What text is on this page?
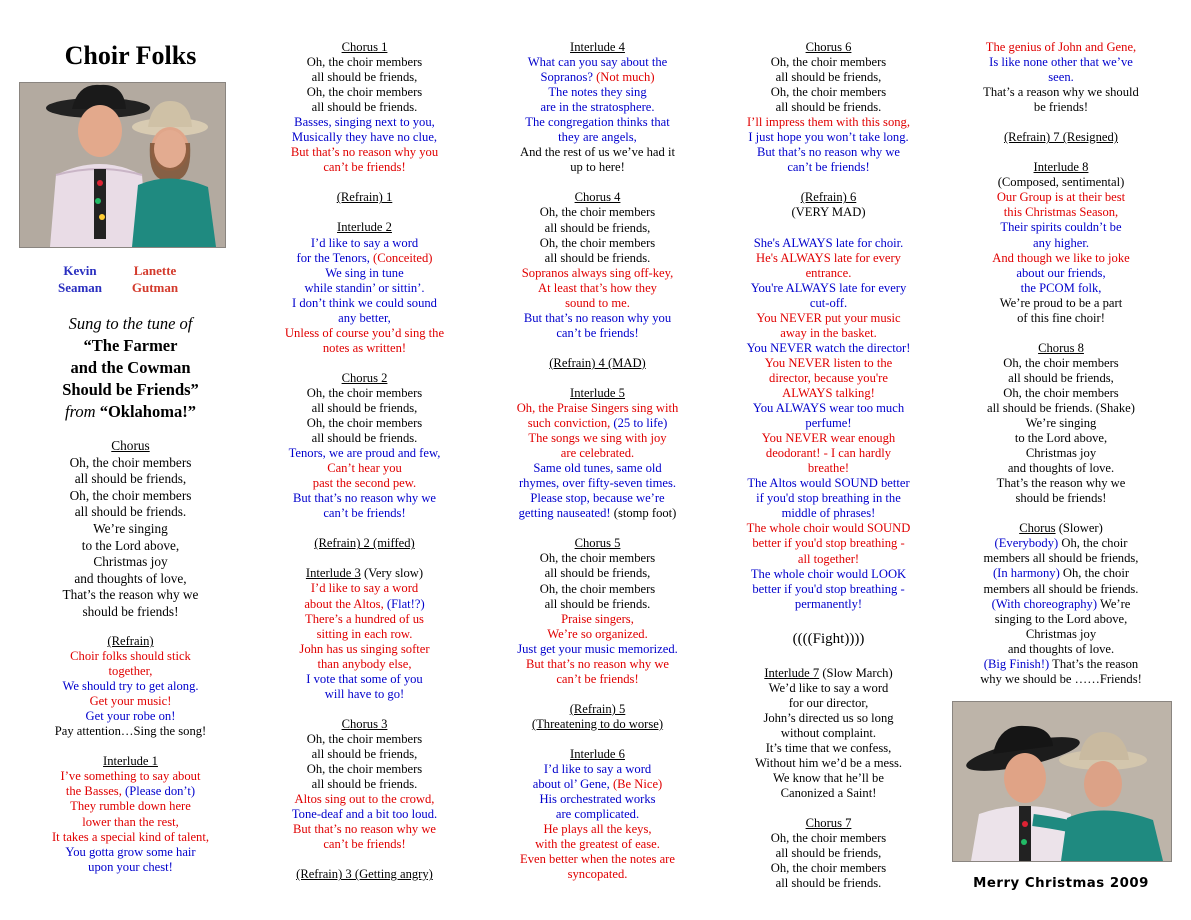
Choir Folks
Kevin
Seaman
Lanette
Gutman
Sung to the tune of
“The Farmer
and the Cowman
Should be Friends”
from “Oklahoma!”
Chorus
Oh, the choir members
all should be friends,
Oh, the choir members
all should be friends.
We’re singing
to the Lord above,
Christmas joy
and thoughts of love,
That’s the reason why we
should be friends!
(Refrain)
Choir folks should stick
together,
We should try to get along.
Get your music!
Get your robe on!
Pay attention…Sing the song!
Interlude 1
I’ve something to say about
the Basses, (Please don’t)
They rumble down here
lower than the rest,
It takes a special kind of talent,
You gotta grow some hair
upon your chest!
Chorus 1
Oh, the choir members
all should be friends,
Oh, the choir members
all should be friends.
Basses, singing next to you,
Musically they have no clue,
But that’s no reason why you
can’t be friends!
(Refrain) 1
Interlude 2
I’d like to say a word
for the Tenors, (Conceited)
We sing in tune
while standin’ or sittin’.
I don’t think we could sound
any better,
Unless of course you’d sing the
notes as written!
Chorus 2
Oh, the choir members
all should be friends,
Oh, the choir members
all should be friends.
Tenors, we are proud and few,
Can’t hear you
past the second pew.
But that’s no reason why we
can’t be friends!
(Refrain) 2 (miffed)
Interlude 3 (Very slow)
I’d like to say a word
about the Altos, (Flat!?)
There’s a hundred of us
sitting in each row.
John has us singing softer
than anybody else,
I vote that some of you
will have to go!
Chorus 3
Oh, the choir members
all should be friends,
Oh, the choir members
all should be friends.
Altos sing out to the crowd,
Tone-deaf and a bit too loud.
But that’s no reason why we
can’t be friends!
(Refrain) 3 (Getting angry)
Interlude 4
What can you say about the
Sopranos? (Not much)
The notes they sing
are in the stratosphere.
The congregation thinks that
they are angels,
And the rest of us we’ve had it
up to here!
Chorus 4
Oh, the choir members
all should be friends,
Oh, the choir members
all should be friends.
Sopranos always sing off-key,
At least that’s how they
sound to me.
But that’s no reason why you
can’t be friends!
(Refrain) 4 (MAD)
Interlude 5
Oh, the Praise Singers sing with
such conviction, (25 to life)
The songs we sing with joy
are celebrated.
Same old tunes, same old
rhymes, over fifty-seven times.
Please stop, because we’re
getting nauseated! (stomp foot)
Chorus 5
Oh, the choir members
all should be friends,
Oh, the choir members
all should be friends.
Praise singers,
We’re so organized.
Just get your music memorized.
But that’s no reason why we
can’t be friends!
(Refrain) 5
(Threatening to do worse)
Interlude 6
I’d like to say a word
about ol’ Gene, (Be Nice)
His orchestrated works
are complicated.
He plays all the keys,
with the greatest of ease.
Even better when the notes are
syncopated.
Chorus 6
Oh, the choir members
all should be friends,
Oh, the choir members
all should be friends.
I’ll impress them with this song,
I just hope you won’t take long.
But that’s no reason why we
can’t be friends!
(Refrain) 6
(VERY MAD)
She's ALWAYS late for choir.
He's ALWAYS late for every
entrance.
You're ALWAYS late for every
cut-off.
You NEVER put your music
away in the basket.
You NEVER watch the director!
You NEVER listen to the
director, because you're
ALWAYS talking!
You ALWAYS wear too much
perfume!
You NEVER wear enough
deodorant! - I can hardly
breathe!
The Altos would SOUND better
if you'd stop breathing in the
middle of phrases!
The whole choir would SOUND
better if you'd stop breathing -
all together!
The whole choir would LOOK
better if you'd stop breathing -
permanently!
((((Fight))))
Interlude 7 (Slow March)
We’d like to say a word
for our director,
John’s directed us so long
without complaint.
It’s time that we confess,
Without him we’d be a mess.
We know that he’ll be
Canonized a Saint!
Chorus 7
Oh, the choir members
all should be friends,
Oh, the choir members
all should be friends.
The genius of John and Gene,
Is like none other that we’ve
seen.
That’s a reason why we should
be friends!
(Refrain) 7 (Resigned)
Interlude 8
(Composed, sentimental)
Our Group is at their best
this Christmas Season,
Their spirits couldn’t be
any higher.
And though we like to joke
about our friends,
the PCOM folk,
We’re proud to be a part
of this fine choir!
Chorus 8
Oh, the choir members
all should be friends,
Oh, the choir members
all should be friends. (Shake)
We’re singing
to the Lord above,
Christmas joy
and thoughts of love.
That’s the reason why we
should be friends!
Chorus (Slower)
(Everybody) Oh, the choir
members all should be friends,
(In harmony) Oh, the choir
members all should be friends.
(With choreography) We’re
singing to the Lord above,
Christmas joy
and thoughts of love.
(Big Finish!) That’s the reason
why we should be ……Friends!
Merry Christmas 2009
